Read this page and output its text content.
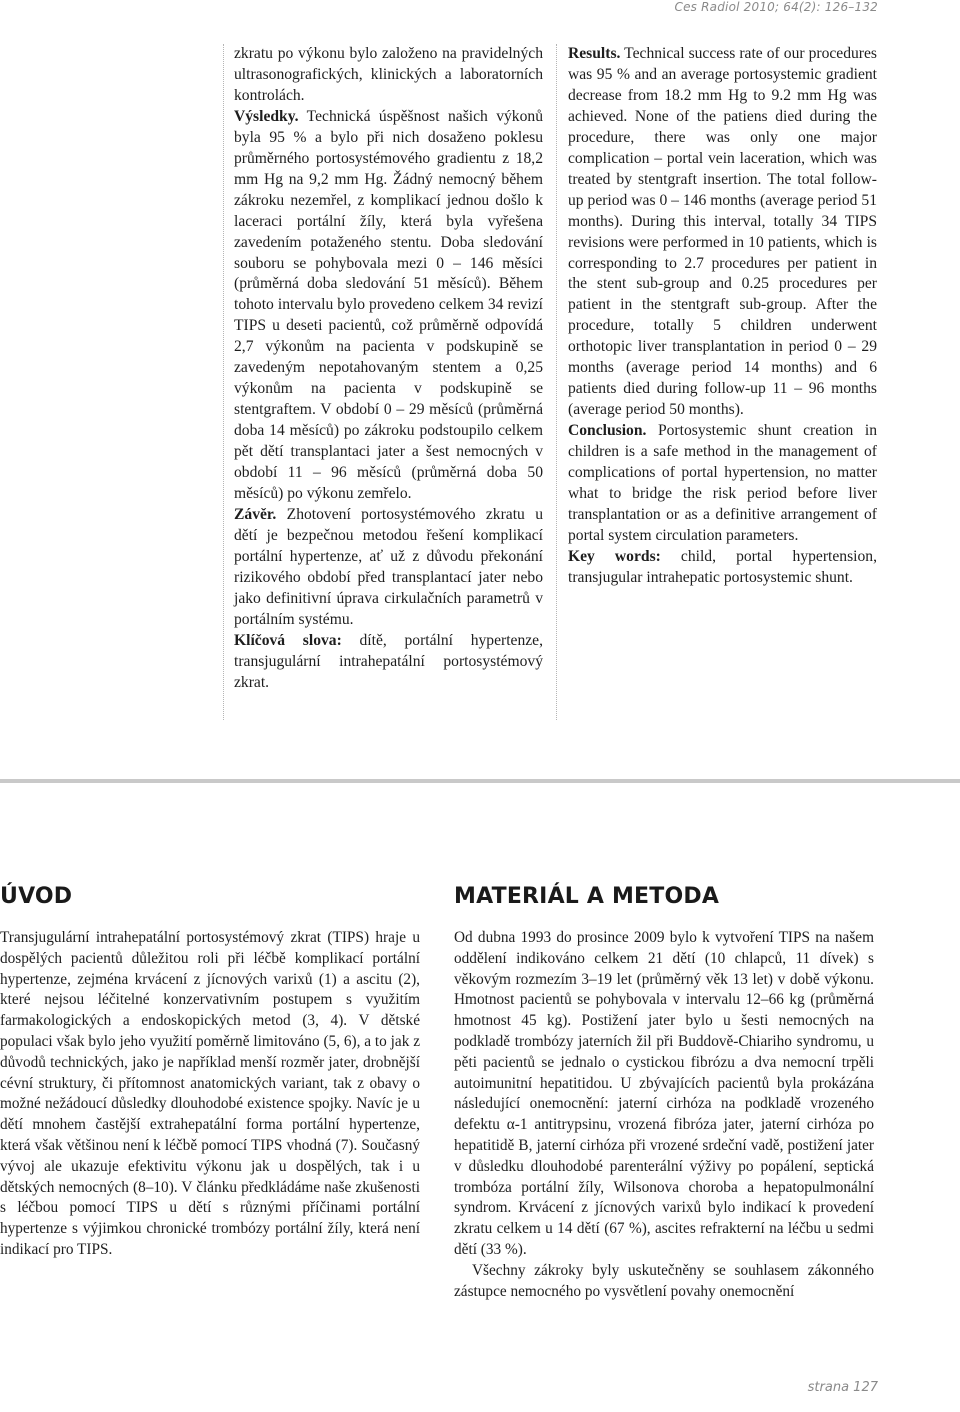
Ces Radiol 2010; 64(2): 126–132

zkratu po výkonu bylo založeno na pravidelných ultrasonografických, klinických a laboratorních kontrolách.
Výsledky. Technická úspěšnost našich výkonů byla 95 % a bylo při nich dosaženo poklesu průměrného portosystémového gradientu z 18,2 mm Hg na 9,2 mm Hg. Žádný nemocný během zákroku nezemřel, z komplikací jednou došlo k laceraci portální žíly, která byla vyřešena zavedením potaženého stentu. Doba sledování souboru se pohybovala mezi 0 – 146 měsíci (průměrná doba sledování 51 měsíců). Během tohoto intervalu bylo provedeno celkem 34 revizí TIPS u deseti pacientů, což průměrně odpovídá 2,7 výkonům na pacienta v podskupině se zavedeným nepotahovaným stentem a 0,25 výkonům na pacienta v podskupině se stentgraftem. V období 0 – 29 měsíců (průměrná doba 14 měsíců) po zákroku podstoupilo celkem pět dětí transplantaci jater a šest nemocných v období 11 – 96 měsíců (průměrná doba 50 měsíců) po výkonu zemřelo.
Závěr. Zhotovení portosystémového zkratu u dětí je bezpečnou metodou řešení komplikací portální hypertenze, ať už z důvodu překonání rizikového období před transplantací jater nebo jako definitivní úprava cirkulačních parametrů v portálním systému.
Klíčová slova: dítě, portální hypertenze, transjugulární intrahepatální portosystémový zkrat.

Results. Technical success rate of our procedures was 95 % and an average portosystemic gradient decrease from 18.2 mm Hg to 9.2 mm Hg was achieved. None of the patiens died during the procedure, there was only one major complication – portal vein laceration, which was treated by stentgraft insertion. The total follow-up period was 0 – 146 months (average period 51 months). During this interval, totally 34 TIPS revisions were performed in 10 patients, which is corresponding to 2.7 procedures per patient in the stent sub-group and 0.25 procedures per patient in the stentgraft sub-group. After the procedure, totally 5 children underwent orthotopic liver transplantation in period 0 – 29 months (average period 14 months) and 6 patients died during follow-up 11 – 96 months (average period 50 months).
Conclusion. Portosystemic shunt creation in children is a safe method in the management of complications of portal hypertension, no matter what to bridge the risk period before liver transplantation or as a definitive arrangement of portal system circulation parameters.
Key words: child, portal hypertension, transjugular intrahepatic portosystemic shunt.

ÚVOD

Transjugulární intrahepatální portosystémový zkrat (TIPS) hraje u dospělých pacientů důležitou roli při léčbě komplikací portální hypertenze, zejména krvácení z jícnových varixů (1) a ascitu (2), které nejsou léčitelné konzervativním postupem s využitím farmakologických a endoskopických metod (3, 4). V dětské populaci však bylo jeho využití poměrně limitováno (5, 6), a to jak z důvodů technických, jako je například menší rozměr jater, drobnější cévní struktury, či přítomnost anatomických variant, tak z obavy o možné nežádoucí důsledky dlouhodobé existence spojky. Navíc je u dětí mnohem častější extrahepatální forma portální hypertenze, která však většinou není k léčbě pomocí TIPS vhodná (7). Současný vývoj ale ukazuje efektivitu výkonu jak u dospělých, tak i u dětských nemocných (8–10). V článku předkládáme naše zkušenosti s léčbou pomocí TIPS u dětí s různými příčinami portální hypertenze s výjimkou chronické trombózy portální žíly, která není indikací pro TIPS.

MATERIÁL A METODA

Od dubna 1993 do prosince 2009 bylo k vytvoření TIPS na našem oddělení indikováno celkem 21 dětí (10 chlapců, 11 dívek) s věkovým rozmezím 3–19 let (průměrný věk 13 let) v době výkonu. Hmotnost pacientů se pohybovala v intervalu 12–66 kg (průměrná hmotnost 45 kg). Postižení jater bylo u šesti nemocných na podkladě trombózy jaterních žil při Buddově-Chiariho syndromu, u pěti pacientů se jednalo o cystickou fibrózu a dva nemocní trpěli autoimunitní hepatitidou. U zbývajících pacientů byla prokázána následující onemocnění: jaterní cirhóza na podkladě vrozeného defektu α-1 antitrypsinu, vrozená fibróza jater, jaterní cirhóza po hepatitidě B, jaterní cirhóza při vrozené srdeční vadě, postižení jater v důsledku dlouhodobé parenterální výživy po popálení, septická trombóza portální žíly, Wilsonova choroba a hepatopulmonální syndrom. Krvácení z jícnových varixů bylo indikací k provedení zkratu celkem u 14 dětí (67 %), ascites refrakterní na léčbu u sedmi dětí (33 %).

Všechny zákroky byly uskutečněny se souhlasem zákonného zástupce nemocného po vysvětlení povahy onemocnění

strana 127
